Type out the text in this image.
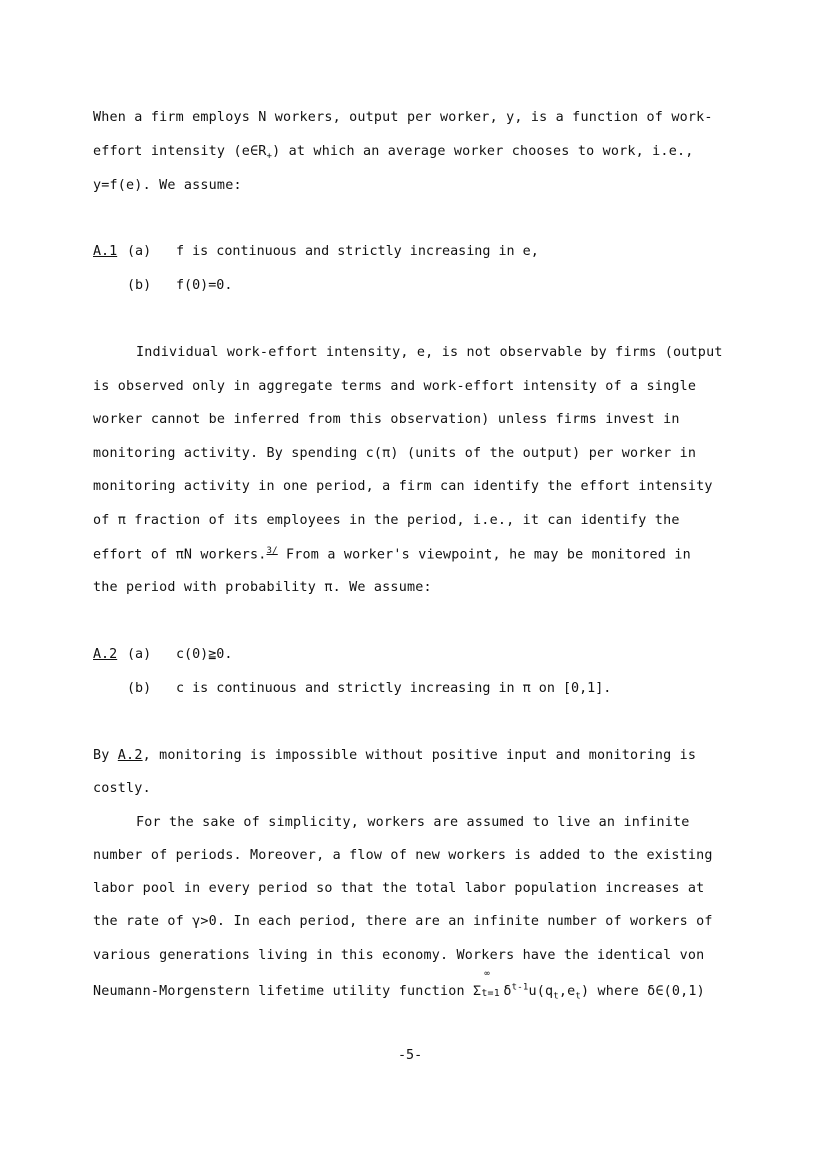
When a firm employs N workers, output per worker, y, is a function of work-
effort intensity $(e\in R_+)$ at which an average worker chooses to work, i.e.,
y=f(e). We assume:
A.1 (a) f is continuous and strictly increasing in e,
(b) f(0)=0.
Individual work-effort intensity, e, is not observable by firms (output
is observed only in aggregate terms and work-effort intensity of a single
worker cannot be inferred from this observation) unless firms invest in
monitoring activity. By spending c(π) (units of the output) per worker in
monitoring activity in one period, a firm can identify the effort intensity
of π fraction of its employees in the period, i.e., it can identify the
effort of πN workers.$^{3/}$ From a worker's viewpoint, he may be monitored in
the period with probability π. We assume:
A.2 (a) c(0)≧0.
(b) c is continuous and strictly increasing in π on [0,1].
By A.2, monitoring is impossible without positive input and monitoring is
costly.
For the sake of simplicity, workers are assumed to live an infinite
number of periods. Moreover, a flow of new workers is added to the existing
labor pool in every period so that the total labor population increases at
the rate of γ>0. In each period, there are an infinite number of workers of
various generations living in this economy. Workers have the identical von
Neumann-Morgenstern lifetime utility function Σ
∞
t=1 $\delta^{t-1}u(q_t,e_t)$ where δ∈(0,1)
-5-
